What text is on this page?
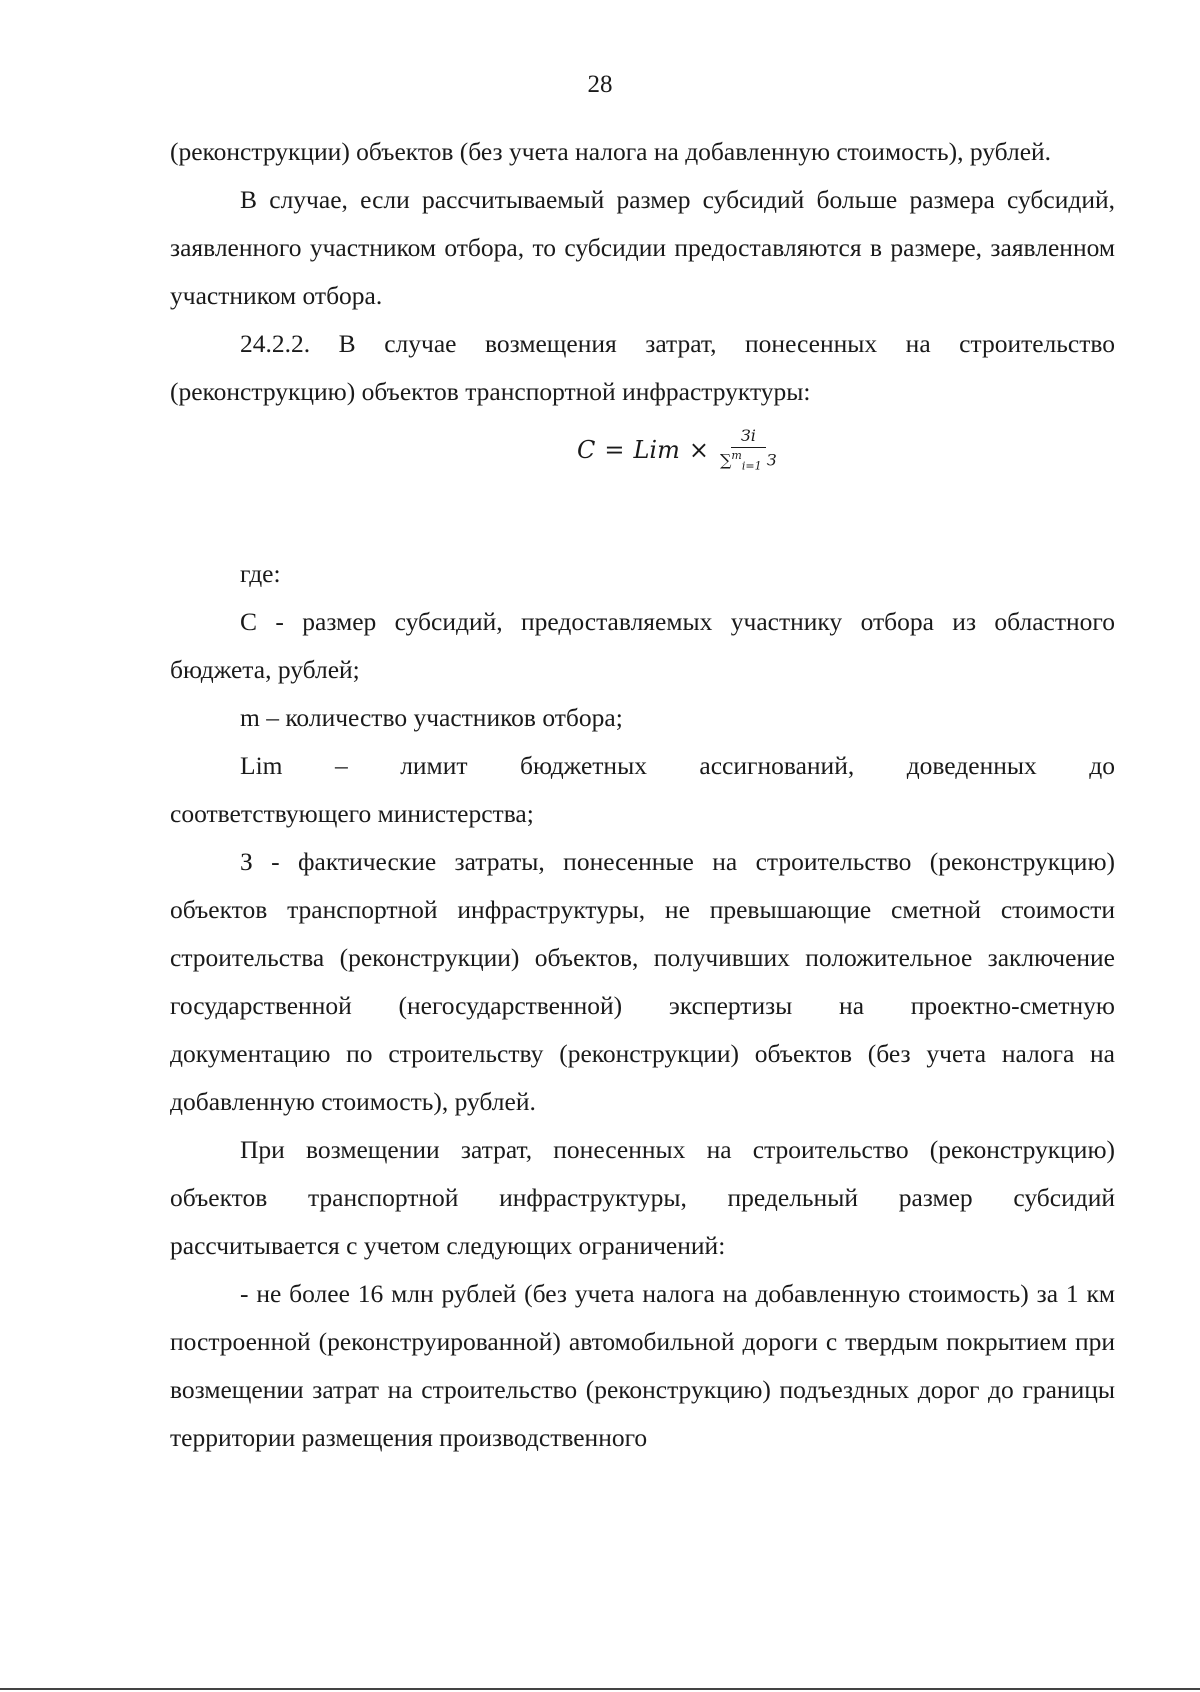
28

(реконструкции) объектов (без учета налога на добавленную стоимость), рублей.

В случае, если рассчитываемый размер субсидий больше размера субсидий, заявленного участником отбора, то субсидии предоставляются в размере, заявленном участником отбора.

24.2.2. В случае возмещения затрат, понесенных на строительство (реконструкцию) объектов транспортной инфраструктуры:

C = Lim × $\frac{Зi}{\sum^m_{i=1} З}$

где:

С - размер субсидий, предоставляемых участнику отбора из областного бюджета, рублей;

m – количество участников отбора;

Lim – лимит бюджетных ассигнований, доведенных до

соответствующего министерства;

З - фактические затраты, понесенные на строительство (реконструкцию) объектов транспортной инфраструктуры, не превышающие сметной стоимости строительства (реконструкции) объектов, получивших положительное заключение государственной (негосударственной) экспертизы на проектно-сметную документацию по строительству (реконструкции) объектов (без учета налога на добавленную стоимость), рублей.

При возмещении затрат, понесенных на строительство (реконструкцию) объектов транспортной инфраструктуры, предельный размер субсидий рассчитывается с учетом следующих ограничений:

- не более 16 млн рублей (без учета налога на добавленную стоимость) за 1 км построенной (реконструированной) автомобильной дороги с твердым покрытием при возмещении затрат на строительство (реконструкцию) подъездных дорог до границы территории размещения производственного
